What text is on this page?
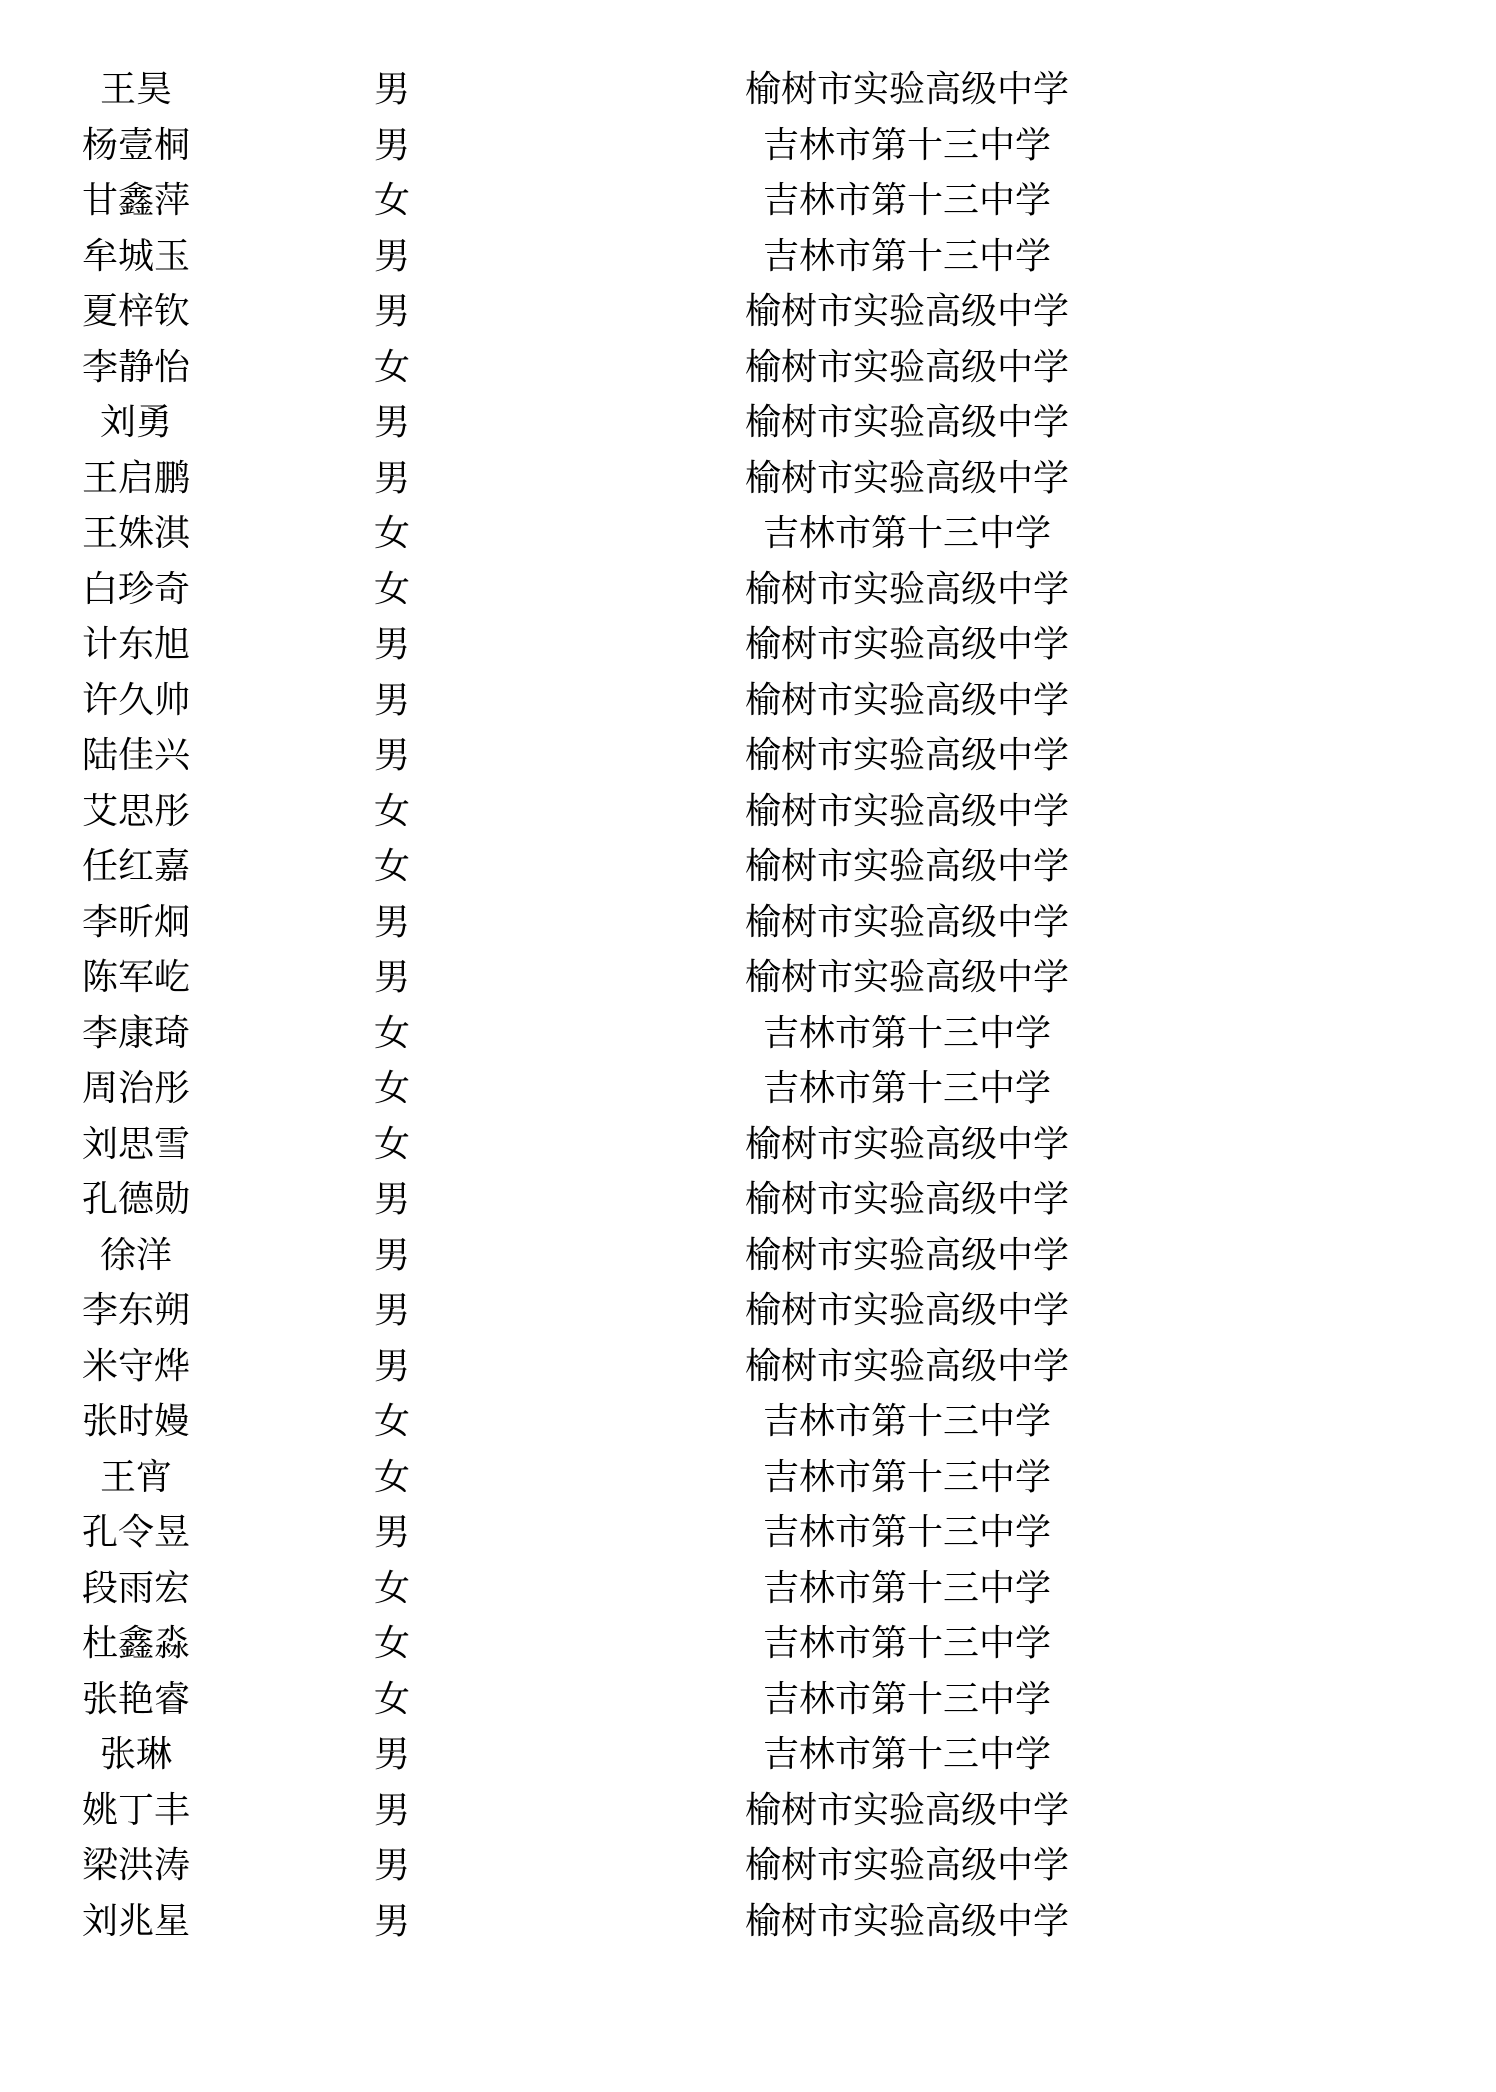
王昊	男	榆树市实验高级中学	
杨壹桐	男	吉林市第十三中学	
甘鑫萍	女	吉林市第十三中学	
牟城玉	男	吉林市第十三中学	
夏梓钦	男	榆树市实验高级中学	
李静怡	女	榆树市实验高级中学	
刘勇	男	榆树市实验高级中学	
王启鹏	男	榆树市实验高级中学	
王姝淇	女	吉林市第十三中学	
白珍奇	女	榆树市实验高级中学	
计东旭	男	榆树市实验高级中学	
许久帅	男	榆树市实验高级中学	
陆佳兴	男	榆树市实验高级中学	
艾思彤	女	榆树市实验高级中学	
任红嘉	女	榆树市实验高级中学	
李昕炯	男	榆树市实验高级中学	
陈军屹	男	榆树市实验高级中学	
李康琦	女	吉林市第十三中学	
周治彤	女	吉林市第十三中学	
刘思雪	女	榆树市实验高级中学	
孔德勋	男	榆树市实验高级中学	
徐洋	男	榆树市实验高级中学	
李东朔	男	榆树市实验高级中学	
米守烨	男	榆树市实验高级中学	
张时嫚	女	吉林市第十三中学	
王宵	女	吉林市第十三中学	
孔令昱	男	吉林市第十三中学	
段雨宏	女	吉林市第十三中学	
杜鑫淼	女	吉林市第十三中学	
张艳睿	女	吉林市第十三中学	
张琳	男	吉林市第十三中学	
姚丁丰	男	榆树市实验高级中学	
梁洪涛	男	榆树市实验高级中学	
刘兆星	男	榆树市实验高级中学	
